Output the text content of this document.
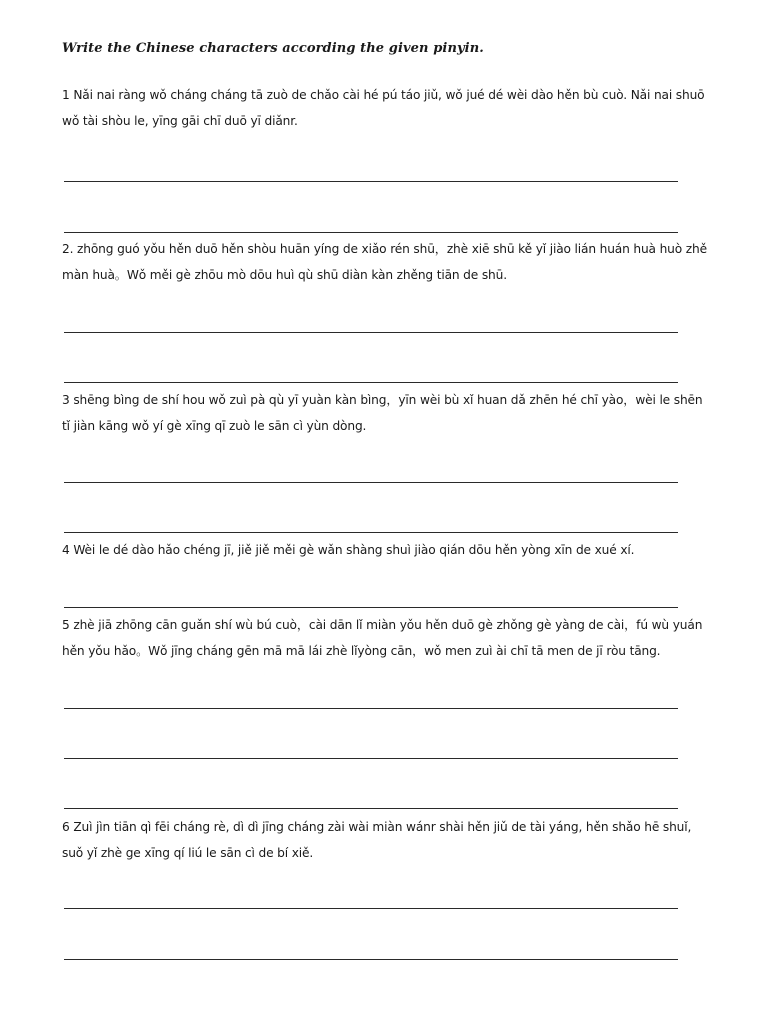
Write the Chinese characters according the given pinyin.
1 Nǎi nai ràng wǒ cháng cháng tā zuò de chǎo cài hé pú táo jiǔ, wǒ jué dé wèi dào hěn bù cuò. Nǎi nai shuō wǒ tài shòu le, yīng gāi chī duō yī diǎnr.
2. zhōng guó yǒu hěn duō hěn shòu huān yíng de xiǎo rén shū，zhè xiē shū kě yǐ jiào lián huán huà huò zhě màn huà。Wǒ měi gè zhōu mò dōu huì qù shū diàn kàn zhěng tiān de shū.
3 shēng bìng de shí hou wǒ zuì pà qù yī yuàn kàn bìng，yīn wèi bù xǐ huan dǎ zhēn hé chī yào，wèi le shēn tǐ jiàn kāng wǒ yí gè xīng qī zuò le sān cì yùn dòng.
4 Wèi le dé dào hǎo chéng jī, jiě jiě měi gè wǎn shàng shuì jiào qián dōu hěn yòng xīn de xué xí.
5 zhè jiā zhōng cān guǎn shí wù bú cuò，cài dān lǐ miàn yǒu hěn duō gè zhǒng gè yàng de cài，fú wù yuán hěn yǒu hǎo。Wǒ jīng cháng gēn mā mā lái zhè lǐyòng cān，wǒ men zuì ài chī tā men de jī ròu tāng.
6 Zuì jìn tiān qì fēi cháng rè, dì dì jīng cháng zài wài miàn wánr shài hěn jiǔ de tài yáng, hěn shǎo hē shuǐ, suǒ yǐ zhè ge xīng qí liú le sān cì de bí xiě.
